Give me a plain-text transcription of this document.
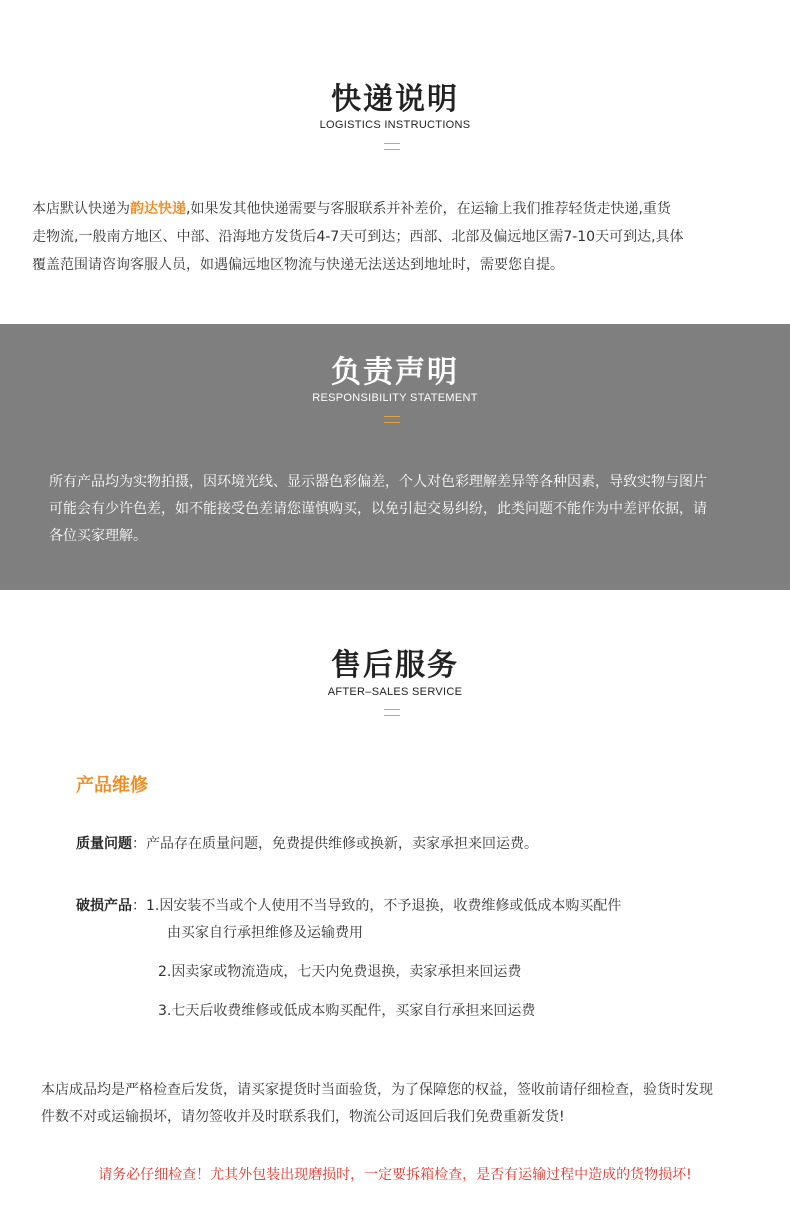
快递说明
LOGISTICS INSTRUCTIONS
本店默认快递为韵达快递,如果发其他快递需要与客服联系并补差价，在运输上我们推荐轻货走快递,重货
走物流,一般南方地区、中部、沿海地方发货后4-7天可到达；西部、北部及偏远地区需7-10天可到达,具体
覆盖范围请咨询客服人员，如遇偏远地区物流与快递无法送达到地址时，需要您自提。
负责声明
RESPONSIBILITY STATEMENT
所有产品均为实物拍摄，因环境光线、显示器色彩偏差，个人对色彩理解差异等各种因素，导致实物与图片
可能会有少许色差，如不能接受色差请您谨慎购买，以免引起交易纠纷，此类问题不能作为中差评依据，请
各位买家理解。
售后服务
AFTER–SALES SERVICE
产品维修
质量问题：产品存在质量问题，免费提供维修或换新，卖家承担来回运费。
破损产品：1.因安装不当或个人使用不当导致的，不予退换，收费维修或低成本购买配件
由买家自行承担维修及运输费用
2.因卖家或物流造成，七天内免费退换，卖家承担来回运费
3.七天后收费维修或低成本购买配件，买家自行承担来回运费
本店成品均是严格检查后发货，请买家提货时当面验货，为了保障您的权益，签收前请仔细检查，验货时发现
件数不对或运输损坏，请勿签收并及时联系我们，物流公司返回后我们免费重新发货!
请务必仔细检查！尤其外包装出现磨损时，一定要拆箱检查，是否有运输过程中造成的货物损坏!
